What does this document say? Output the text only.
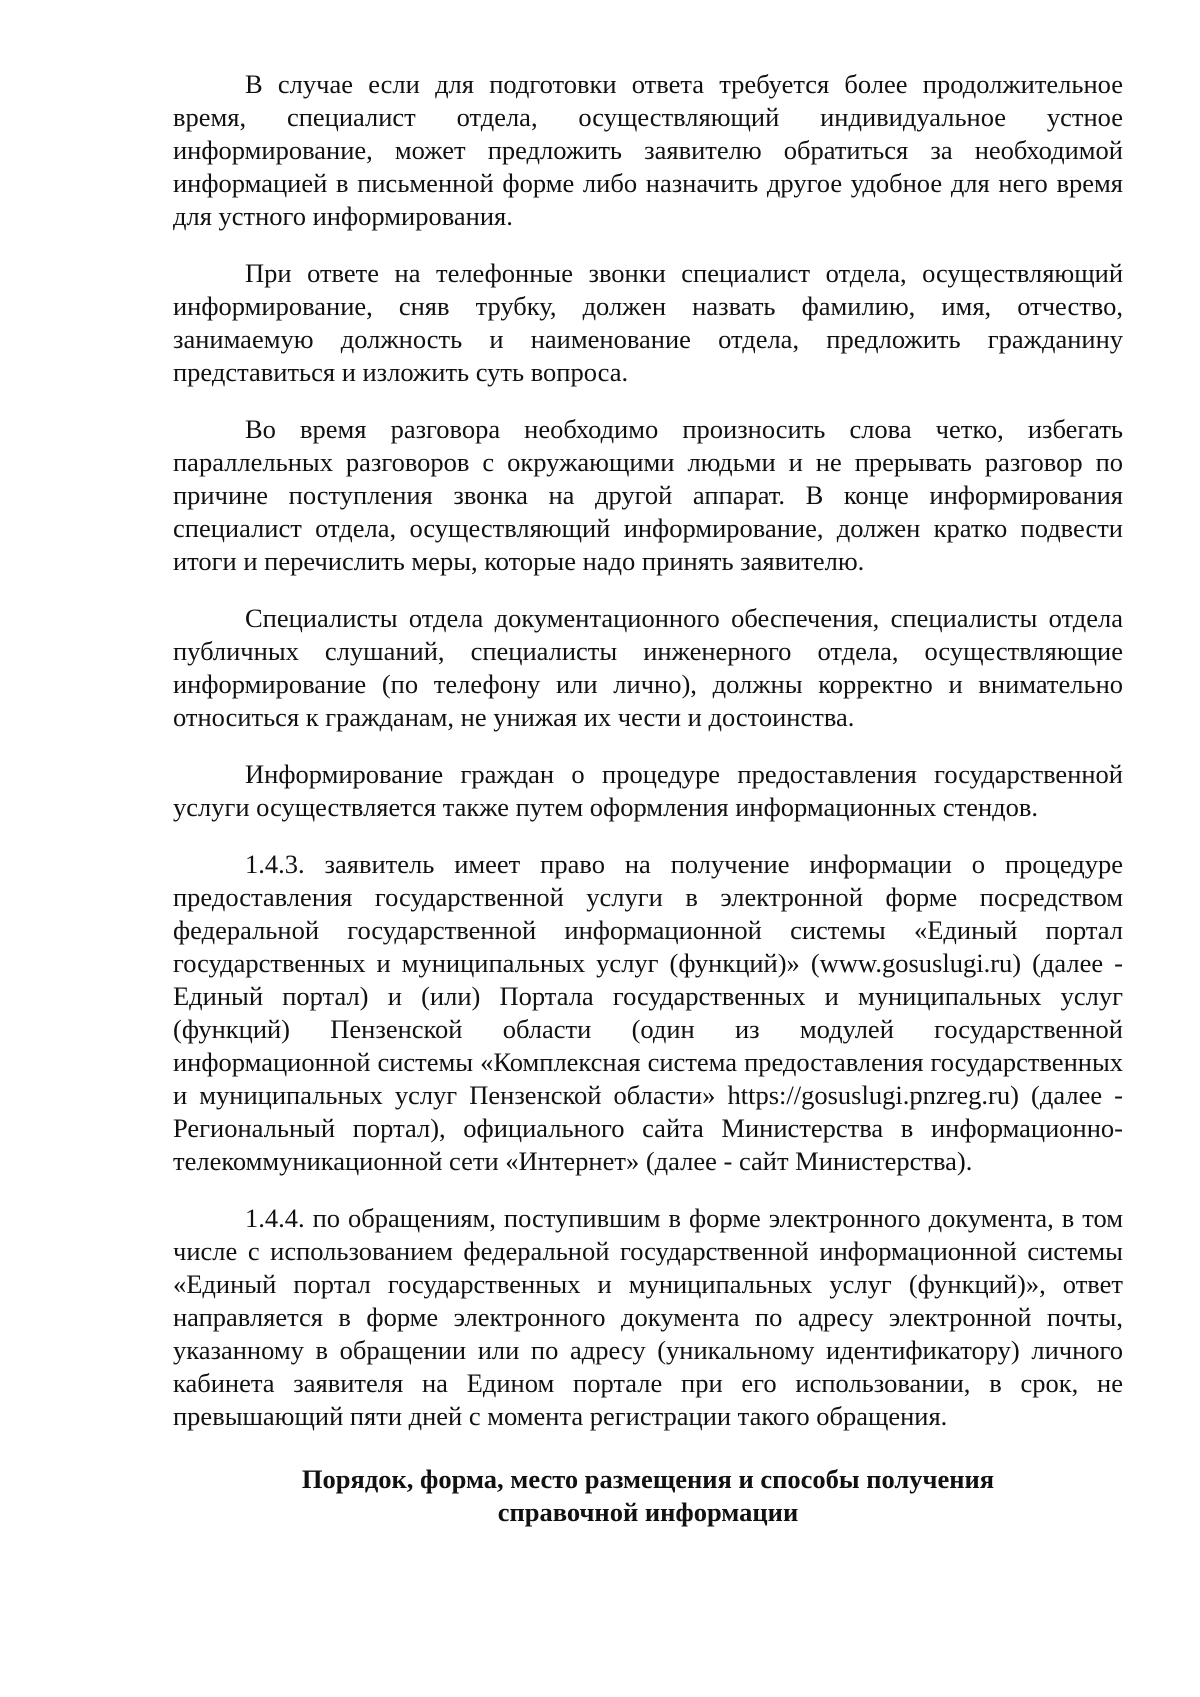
В случае если для подготовки ответа требуется более продолжительное время, специалист отдела, осуществляющий индивидуальное устное информирование, может предложить заявителю обратиться за необходимой информацией в письменной форме либо назначить другое удобное для него время для устного информирования.

При ответе на телефонные звонки специалист отдела, осуществляющий информирование, сняв трубку, должен назвать фамилию, имя, отчество, занимаемую должность и наименование отдела, предложить гражданину представиться и изложить суть вопроса.

Во время разговора необходимо произносить слова четко, избегать параллельных разговоров с окружающими людьми и не прерывать разговор по причине поступления звонка на другой аппарат. В конце информирования специалист отдела, осуществляющий информирование, должен кратко подвести итоги и перечислить меры, которые надо принять заявителю.

Специалисты отдела документационного обеспечения, специалисты отдела публичных слушаний, специалисты инженерного отдела, осуществляющие информирование (по телефону или лично), должны корректно и внимательно относиться к гражданам, не унижая их чести и достоинства.

Информирование граждан о процедуре предоставления государственной услуги осуществляется также путем оформления информационных стендов.

1.4.3. заявитель имеет право на получение информации о процедуре предоставления государственной услуги в электронной форме посредством федеральной государственной информационной системы «Единый портал государственных и муниципальных услуг (функций)» (www.gosuslugi.ru) (далее - Единый портал) и (или) Портала государственных и муниципальных услуг (функций) Пензенской области (один из модулей государственной информационной системы «Комплексная система предоставления государственных и муниципальных услуг Пензенской области» https://gosuslugi.pnzreg.ru) (далее - Региональный портал), официального сайта Министерства в информационно-телекоммуникационной сети «Интернет» (далее - сайт Министерства).

1.4.4. по обращениям, поступившим в форме электронного документа, в том числе с использованием федеральной государственной информационной системы «Единый портал государственных и муниципальных услуг (функций)», ответ направляется в форме электронного документа по адресу электронной почты, указанному в обращении или по адресу (уникальному идентификатору) личного кабинета заявителя на Едином портале при его использовании, в срок, не превышающий пяти дней с момента регистрации такого обращения.

Порядок, форма, место размещения и способы получения
справочной информации
